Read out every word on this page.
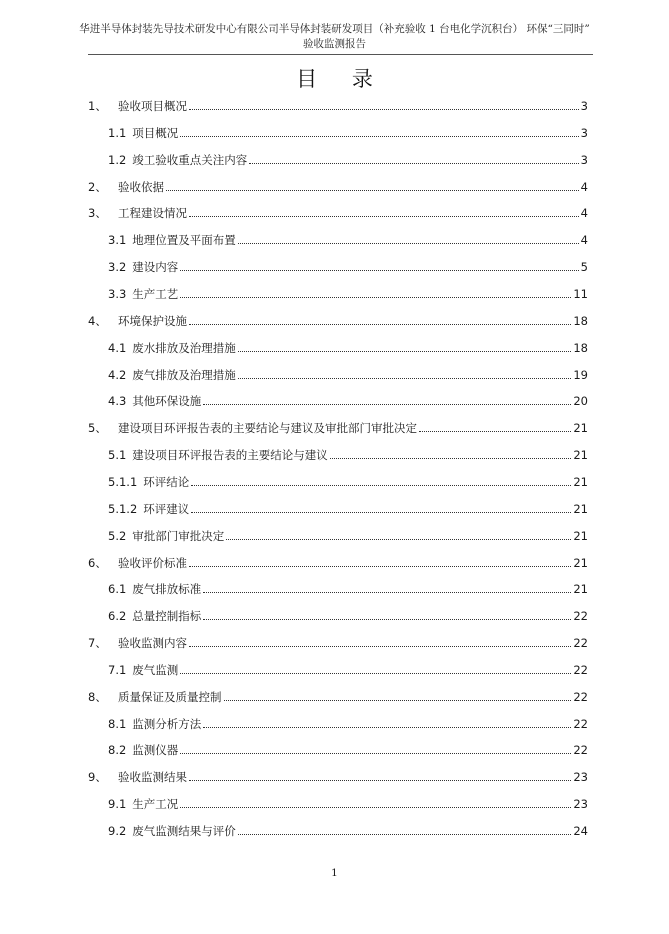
华进半导体封装先导技术研发中心有限公司半导体封装研发项目（补充验收 1 台电化学沉积台） 环保“三同时”
验收监测报告
目 录
1、 验收项目概况	3
1.1 项目概况	3
1.2 竣工验收重点关注内容	3
2、 验收依据	4
3、 工程建设情况	4
3.1 地理位置及平面布置	4
3.2 建设内容	5
3.3 生产工艺	11
4、 环境保护设施	18
4.1 废水排放及治理措施	18
4.2 废气排放及治理措施	19
4.3 其他环保设施	20
5、 建设项目环评报告表的主要结论与建议及审批部门审批决定	21
5.1 建设项目环评报告表的主要结论与建议	21
5.1.1 环评结论	21
5.1.2 环评建议	21
5.2 审批部门审批决定	21
6、 验收评价标准	21
6.1 废气排放标准	21
6.2 总量控制指标	22
7、 验收监测内容	22
7.1 废气监测	22
8、 质量保证及质量控制	22
8.1 监测分析方法	22
8.2 监测仪器	22
9、 验收监测结果	23
9.1 生产工况	23
9.2 废气监测结果与评价	24
1
